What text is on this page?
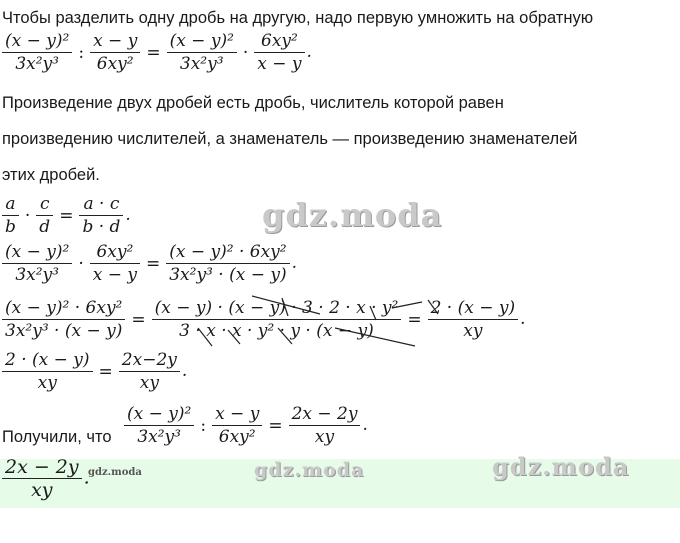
Чтобы разделить одну дробь на другую, надо первую умножить на обратную
$\frac{\text{(x − y)²}}{\text{3x²y³}}$ : $\frac{x - y}{\text{6xy²}} = \frac{\text{(x − y)²}}{\text{3x²y³}} \cdot \frac{\text{6xy²}}{x - y}$ .
Произведение двух дробей есть дробь, числитель которой равен
произведению числителей, а знаменатель — произведению знаменателей
этих дробей.
$\frac{a}{b} \cdot \frac{c}{d} = \frac{a \cdot c}{b \cdot d}$ .	gdz.moda
$\frac{\text{(x − y)²}}{\text{3x²y³}} \cdot \frac{\text{6xy²}}{x - y} = \frac{\text{(x − y)² · 6xy²}}{\text{3x²y³ · (x − y)}}$ .
$\frac{\text{(x − y)² · 6xy²}}{\text{3x²y³ · (x − y)}} = \frac{\text{(x − y) · (x − y) · 3 · 2 · x · y²}}{\text{3 · x · x · y² · y · (x − y)}} = \frac{2 \cdot (x - y)}{xy}$ .
$\frac{2 \cdot (x - y)}{xy} = \frac{2x-2y}{xy}$ .
Получили, что $\frac{\text{(x − y)²}}{\text{3x²y³}}$ : $\frac{x - y}{\text{6xy²}} = \frac{2x - 2y}{xy}$ .
$\frac{2x - 2y}{xy}$ .
gdz.moda	gdz.moda	gdz.moda
